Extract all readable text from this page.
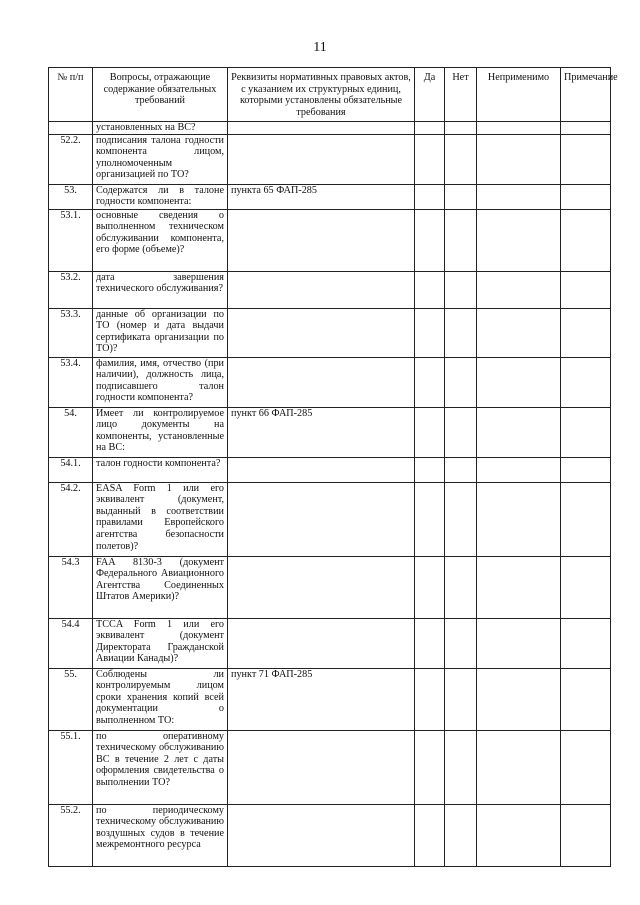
11
№ п/п	Вопросы, отражающие содержание обязательных требований	Реквизиты нормативных правовых актов, с указанием их структурных единиц, которыми установлены обязательные требования	Да	Нет	Неприменимо	Примечание
	установленных на ВС?					
52.2.	подписания талона годности компонента лицом, уполномоченным организацией по ТО?					
53.	Содержатся ли в талоне годности компонента:	пункта 65 ФАП-285				
53.1.	основные сведения о выполненном техническом обслуживании компонента, его форме (объеме)?					
53.2.	дата завершения технического обслуживания?					
53.3.	данные об организации по ТО (номер и дата выдачи сертификата организации по ТО)?					
53.4.	фамилия, имя, отчество (при наличии), должность лица, подписавшего талон годности компонента?					
54.	Имеет ли контролируемое лицо документы на компоненты, установленные на ВС:	пункт 66 ФАП-285				
54.1.	талон годности компонента?					
54.2.	EASA Form 1 или его эквивалент (документ, выданный в соответствии правилами Европейского агентства безопасности полетов)?					
54.3	FAA 8130-3 (документ Федерального Авиационного Агентства Соединенных Штатов Америки)?					
54.4	TCCA Form 1 или его эквивалент (документ Директората Гражданской Авиации Канады)?					
55.	Соблюдены ли контролируемым лицом сроки хранения копий всей документации о выполненном ТО:	пункт 71 ФАП-285				
55.1.	по оперативному техническому обслуживанию ВС в течение 2 лет с даты оформления свидетельства о выполнении ТО?					
55.2.	по периодическому техническому обслуживанию воздушных судов в течение межремонтного ресурса					
